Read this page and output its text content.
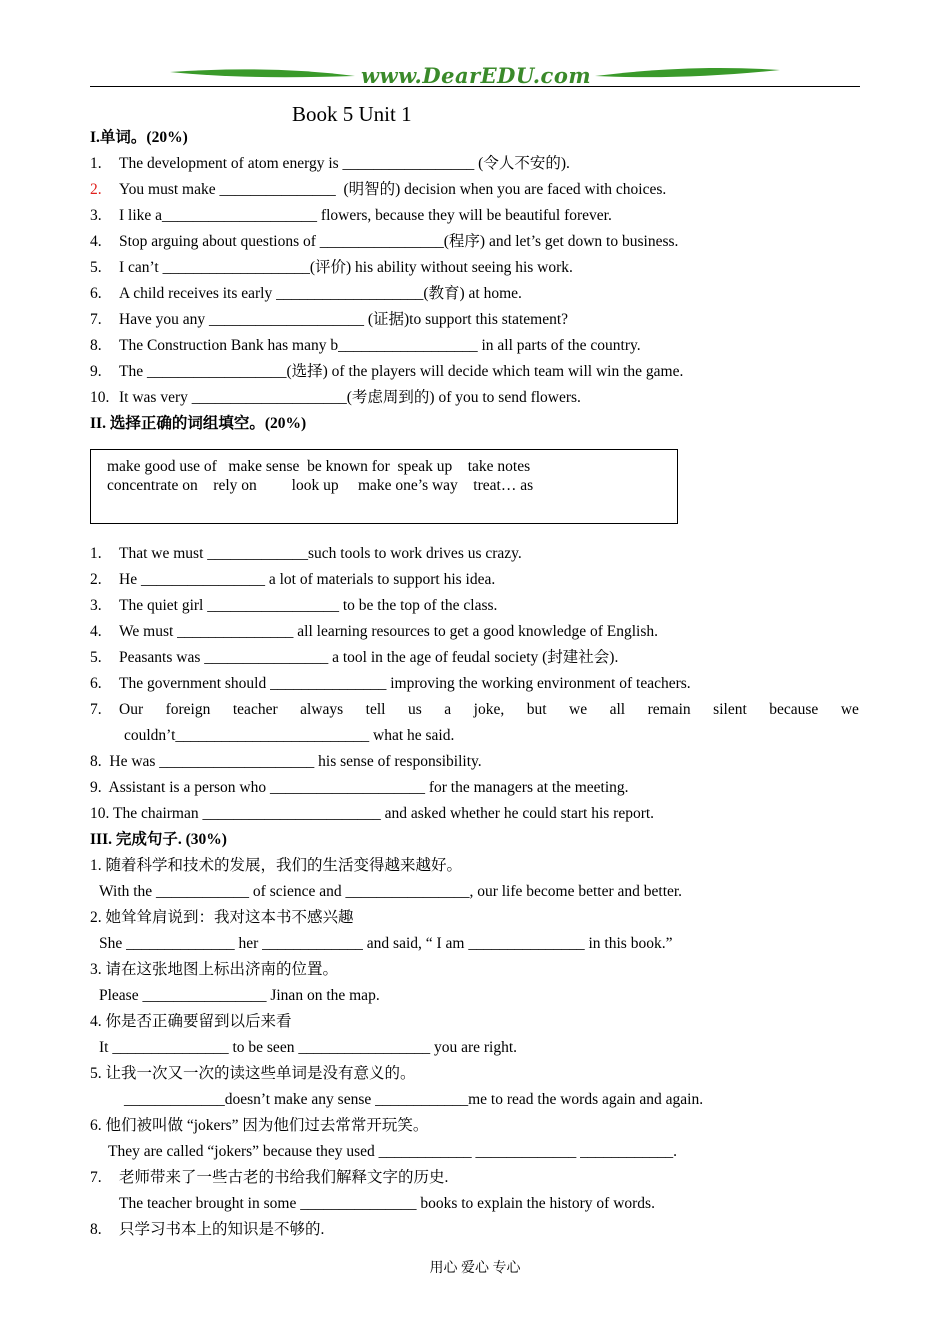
www.DearEDU.com
Book 5 Unit 1
I.单词。(20%)
1. The development of atom energy is _________________ (令人不安的).
2. You must make _______________  (明智的) decision when you are faced with choices.
3. I like a____________________ flowers, because they will be beautiful forever.
4. Stop arguing about questions of ________________(程序) and let’s get down to business.
5. I can’t ___________________(评价) his ability without seeing his work.
6. A child receives its early ___________________(教育) at home.
7. Have you any ____________________ (证据)to support this statement?
8. The Construction Bank has many b__________________ in all parts of the country.
9. The __________________(选择) of the players will decide which team will win the game.
10. It was very ____________________(考虑周到的) of you to send flowers.
II. 选择正确的词组填空。(20%)
make good use of   make sense  be known for  speak up    take notes
concentrate on    rely on         look up     make one’s way    treat… as
1. That we must _____________such tools to work drives us crazy.
2. He ________________ a lot of materials to support his idea.
3. The quiet girl _________________ to be the top of the class.
4. We must _______________ all learning resources to get a good knowledge of English.
5. Peasants was ________________ a tool in the age of feudal society (封建社会).
6. The government should _______________ improving the working environment of teachers.
7. Our foreign teacher always tell us a joke, but we all remain silent because we
couldn’t_________________________ what he said.
8.  He was ____________________ his sense of responsibility.
9.  Assistant is a person who ____________________ for the managers at the meeting.
10. The chairman _______________________ and asked whether he could start his report.
III. 完成句子. (30%)
1. 随着科学和技术的发展，我们的生活变得越来越好。
With the ____________ of science and ________________, our life become better and better.
2. 她耸耸肩说到：我对这本书不感兴趣
She ______________ her _____________ and said, “ I am _______________ in this book.”
3. 请在这张地图上标出济南的位置。
Please ________________ Jinan on the map.
4. 你是否正确要留到以后来看
It _______________ to be seen _________________ you are right.
5. 让我一次又一次的读这些单词是没有意义的。
_____________doesn’t make any sense ____________me to read the words again and again.
6. 他们被叫做 “jokers” 因为他们过去常常开玩笑。
They are called “jokers” because they used ____________ _____________ ____________.
7. 老师带来了一些古老的书给我们解释文字的历史.
The teacher brought in some _______________ books to explain the history of words.
8. 只学习书本上的知识是不够的.
用心 爱心 专心
